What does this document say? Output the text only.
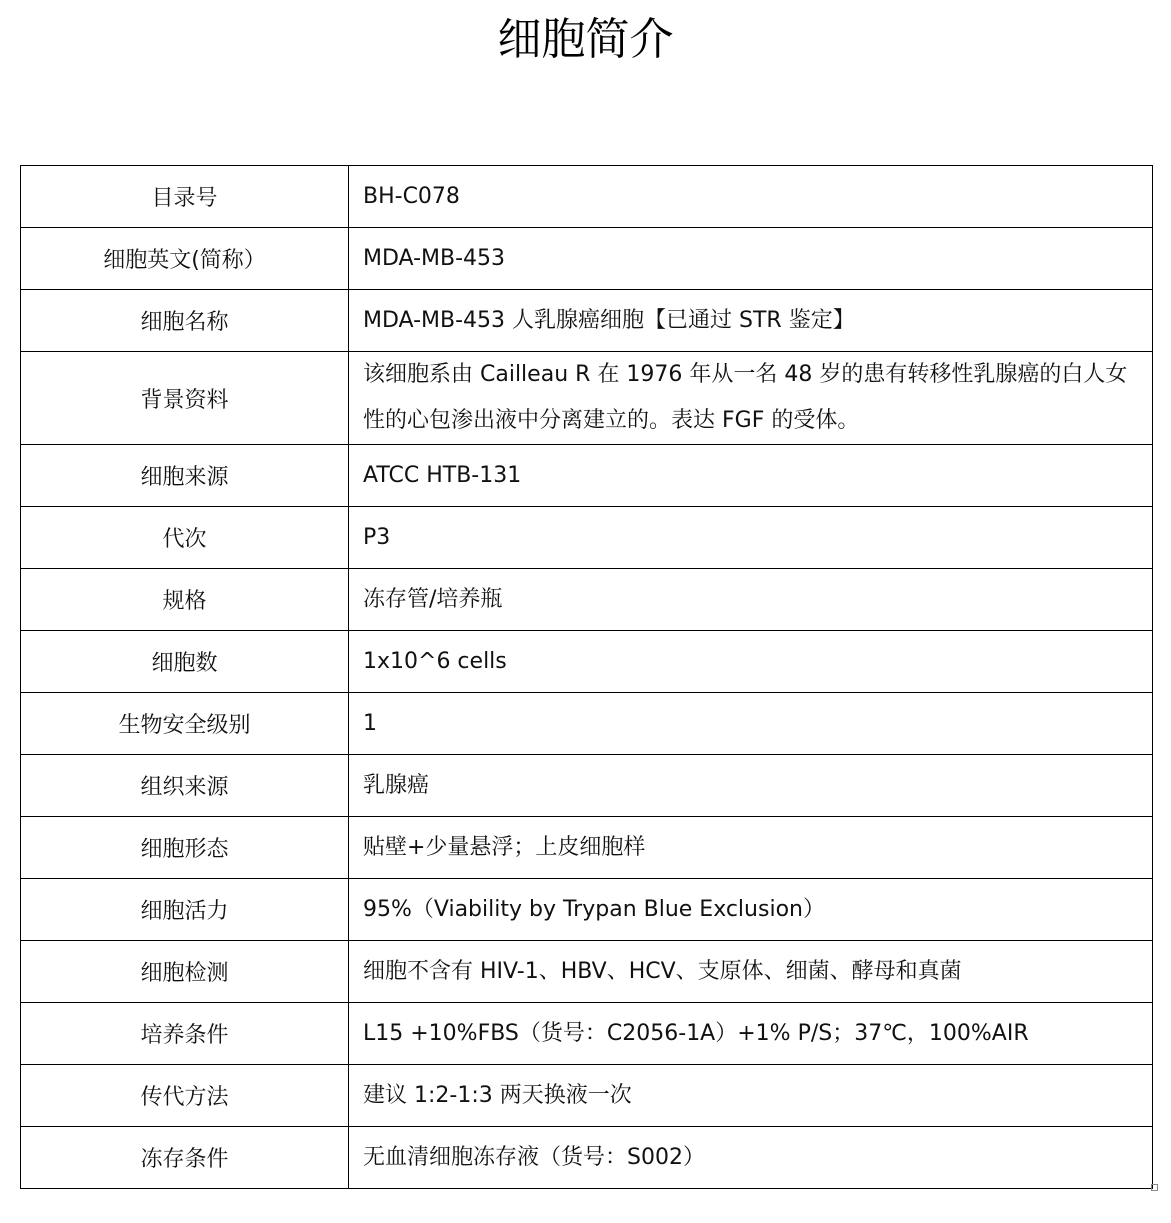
细胞简介
目录号	BH-C078
细胞英文(简称）	MDA-MB-453
细胞名称	MDA-MB-453 人乳腺癌细胞【已通过 STR 鉴定】
背景资料	该细胞系由 Cailleau R 在 1976 年从一名 48 岁的患有转移性乳腺癌的白人女性的心包渗出液中分离建立的。表达 FGF 的受体。
细胞来源	ATCC HTB-131
代次	P3
规格	冻存管/培养瓶
细胞数	1x10^6 cells
生物安全级别	1
组织来源	乳腺癌
细胞形态	贴壁+少量悬浮；上皮细胞样
细胞活力	95%（Viability by Trypan Blue Exclusion）
细胞检测	细胞不含有 HIV-1、HBV、HCV、支原体、细菌、酵母和真菌
培养条件	L15 +10%FBS（货号：C2056-1A）+1% P/S；37℃，100%AIR
传代方法	建议 1:2-1:3 两天换液一次
冻存条件	无血清细胞冻存液（货号：S002）
